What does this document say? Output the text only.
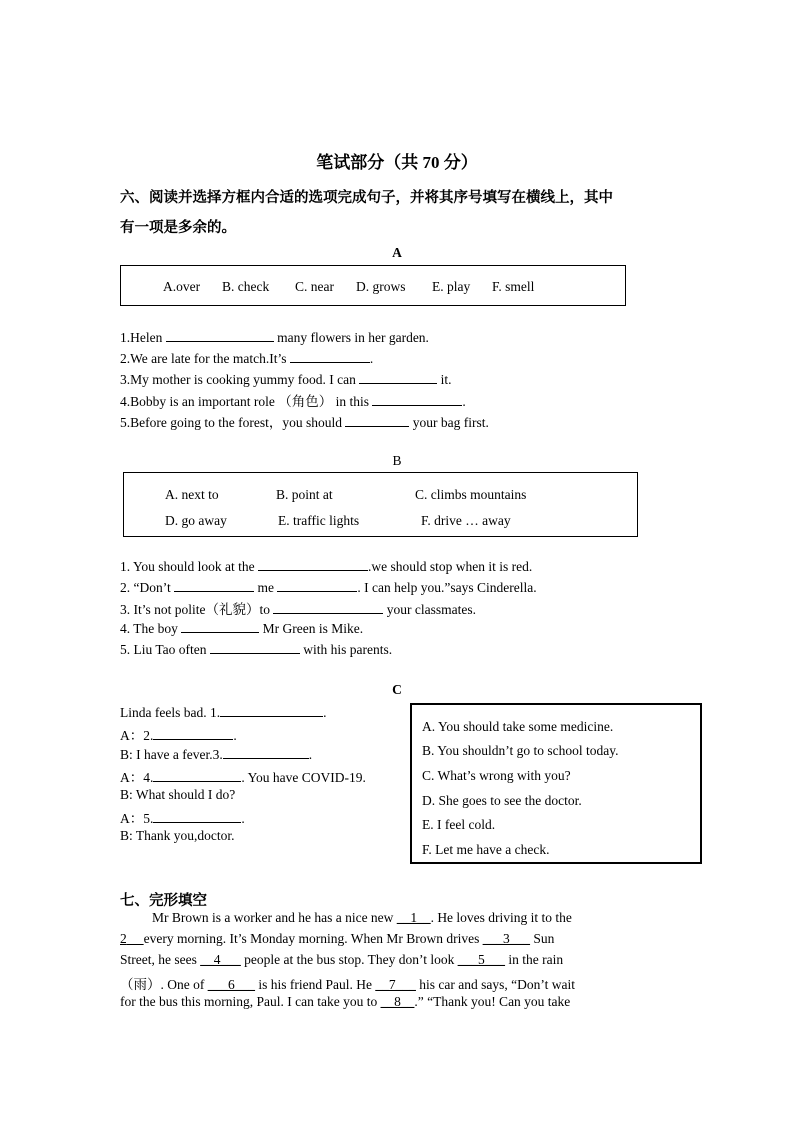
笔试部分（共 70 分）
六、阅读并选择方框内合适的选项完成句子，并将其序号填写在横线上，其中
有一项是多余的。
A
A.over B. check C. near D. grows E. play F. smell
1.Helen	many flowers in her garden.
2.We are late for the match.It’s	.
3.My mother is cooking yummy food. I can	it.
4.Bobby is an important role （角色） in this	.
5.Before going to the forest，you should	your bag first.
B
A. next to	B. point at	C. climbs mountains
D. go away	E. traffic lights	F. drive … away
1. You should look at the	.we should stop when it is red.
2. “Don’t	me	. I can help you.”says Cinderella.
3. It’s not polite（礼貌）to	your classmates.
4. The boy	Mr Green is Mike.
5. Liu Tao often	with his parents.
C
Linda feels bad. 1.	.
A：2.	.
B: I have a fever.3.	.
A：4.	. You have COVID-19.
B: What should I do?
A：5.	.
B: Thank you,doctor.
A. You should take some medicine.
B. You shouldn’t go to school today.
C. What’s wrong with you?
D. She goes to see the doctor.
E. I feel cold.
F. Let me have a check.
七、完形填空
Mr Brown is a worker and he has a nice new __1__. He loves driving it to the
2 every morning. It’s Monday morning. When Mr Brown drives ___3___ Sun
Street, he sees __4___ people at the bus stop. They don’t look ___5___ in the rain
（雨）. One of ___6___ is his friend Paul. He __7___ his car and says, “Don’t wait
for the bus this morning, Paul. I can take you to __8__.” “Thank you! Can you take
